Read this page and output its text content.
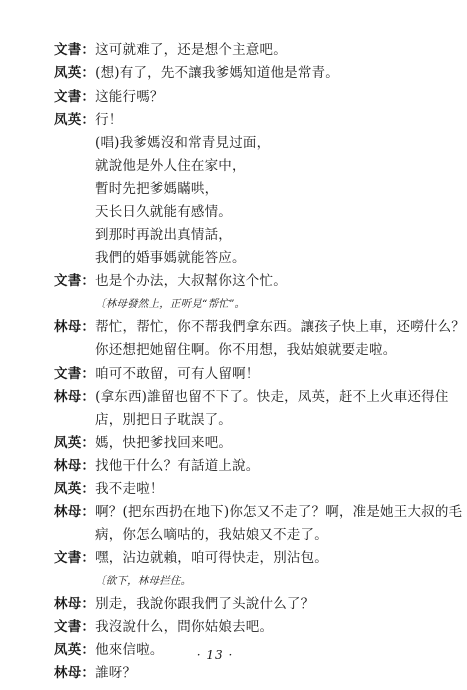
文書：这可就难了，还是想个主意吧。
凤英：(想)有了，先不讓我爹媽知道他是常青。
文書：这能行嗎？
凤英：行！
(唱)我爹媽沒和常青見过面，
就說他是外人住在家中，
暫时先把爹媽瞞哄，
天长日久就能有感情。
到那时再說出真情話，
我們的婚事媽就能答应。
文書：也是个办法，大叔幫你这个忙。
〔林母發然上，正听見“帮忙”。
林母：帮忙，帮忙，你不帮我們拿东西。讓孩子快上車，还嘮什么？
你还想把她留住啊。你不用想，我姑娘就要走啦。
文書：咱可不敢留，可有人留啊！
林母：(拿东西)誰留也留不下了。快走，凤英，赶不上火車还得住
店，別把日子耽誤了。
凤英：媽，快把爹找回来吧。
林母：找他干什么？有話道上說。
凤英：我不走啦！
林母：啊？(把东西扔在地下)你怎又不走了？啊，准是她王大叔的毛
病，你怎么嘀咕的，我姑娘又不走了。
文書：嘿，沾边就賴，咱可得快走，別沾包。
〔欲下，林母拦住。
林母：別走，我說你跟我們了头說什么了？
文書：我沒說什么，問你姑娘去吧。
凤英：他來信啦。
林母：誰呀？
· 13 ·
